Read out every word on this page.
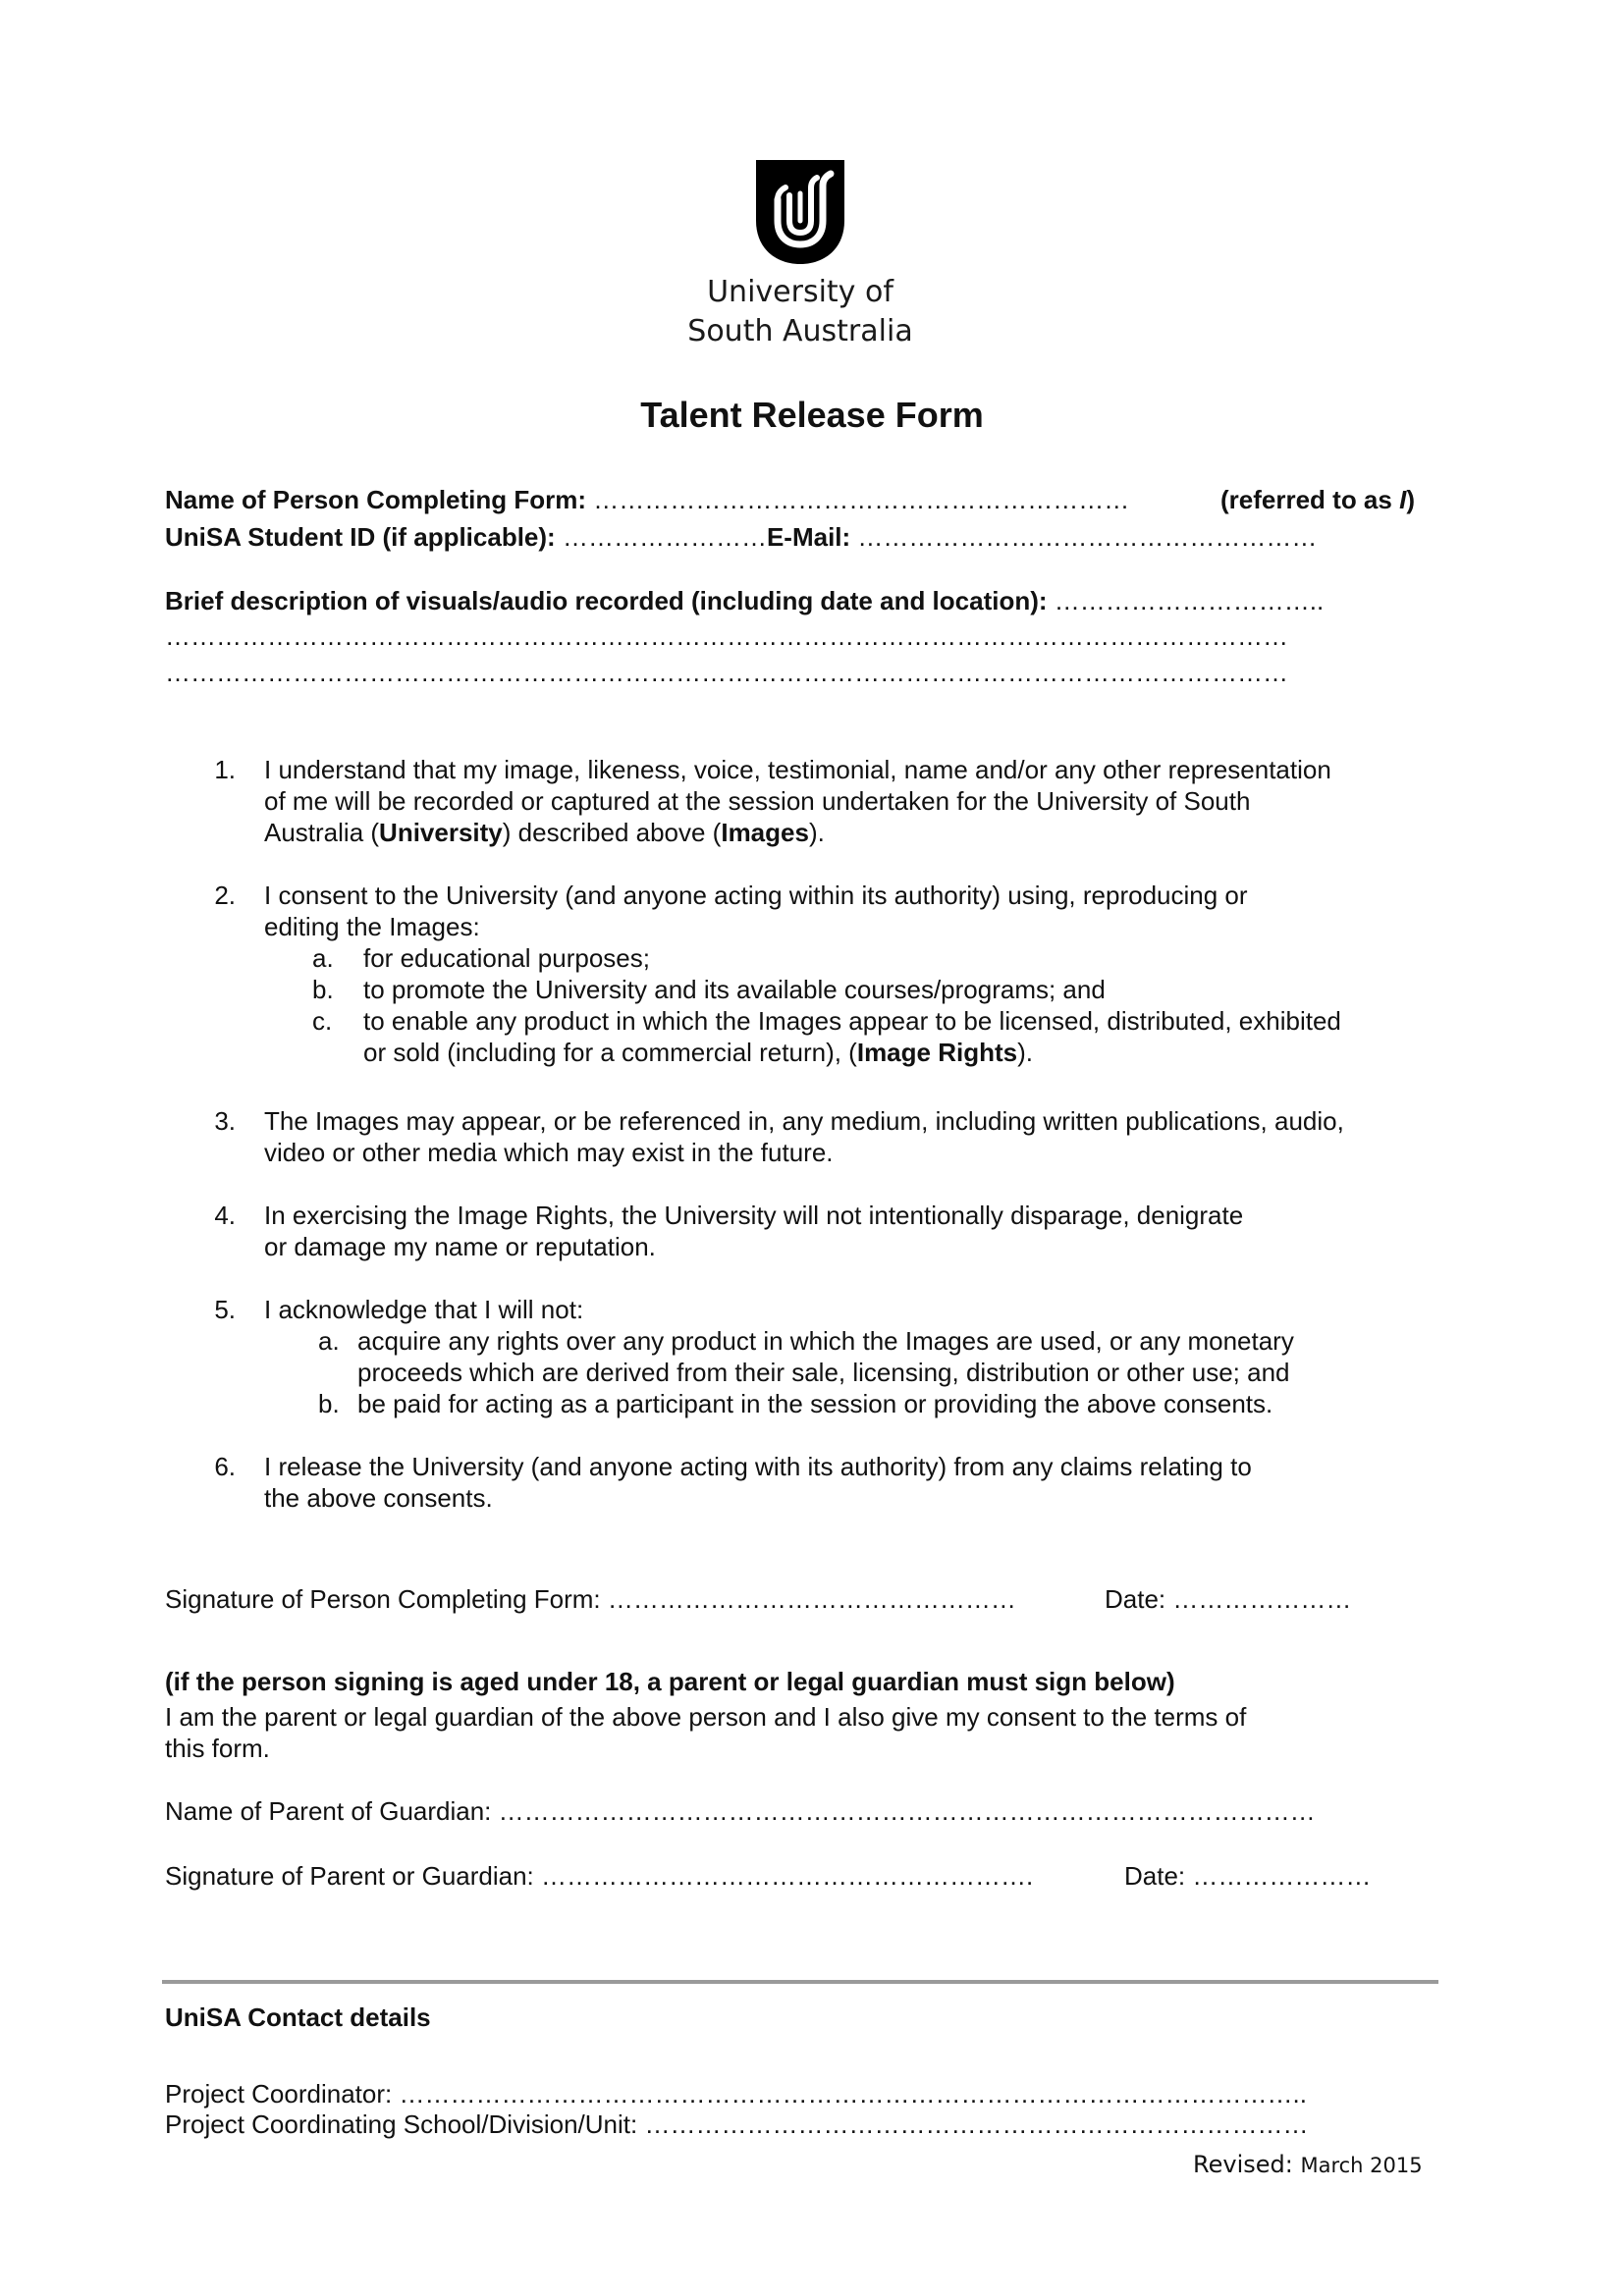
University of
South Australia
Talent Release Form
Name of Person Completing Form: ………………………………………………………	(referred to as I)
UniSA Student ID (if applicable): ……………………E-Mail: ………………………………………………
Brief description of visuals/audio recorded (including date and location): …………………………..
……………………………………………………………………………………………………………………
……………………………………………………………………………………………………………………
1. I understand that my image, likeness, voice, testimonial, name and/or any other representation
of me will be recorded or captured at the session undertaken for the University of South
Australia (University) described above (Images).
2. I consent to the University (and anyone acting within its authority) using, reproducing or
editing the Images:
a. for educational purposes;
b. to promote the University and its available courses/programs; and
c. to enable any product in which the Images appear to be licensed, distributed, exhibited
or sold (including for a commercial return), (Image Rights).
3. The Images may appear, or be referenced in, any medium, including written publications, audio,
video or other media which may exist in the future.
4. In exercising the Image Rights, the University will not intentionally disparage, denigrate
or damage my name or reputation.
5. I acknowledge that I will not:
a. acquire any rights over any product in which the Images are used, or any monetary
proceeds which are derived from their sale, licensing, distribution or other use; and
b. be paid for acting as a participant in the session or providing the above consents.
6. I release the University (and anyone acting with its authority) from any claims relating to
the above consents.
Signature of Person Completing Form: …………………………………………	Date: …………………
(if the person signing is aged under 18, a parent or legal guardian must sign below)
I am the parent or legal guardian of the above person and I also give my consent to the terms of
this form.
Name of Parent of Guardian: ……………………………………………………………………………………
Signature of Parent or Guardian: ………………………………………………….	Date: …………………
UniSA Contact details
Project Coordinator: ……………………………………………………………………………………………..
Project Coordinating School/Division/Unit: ……………………………………………………………………
Revised: March 2015
